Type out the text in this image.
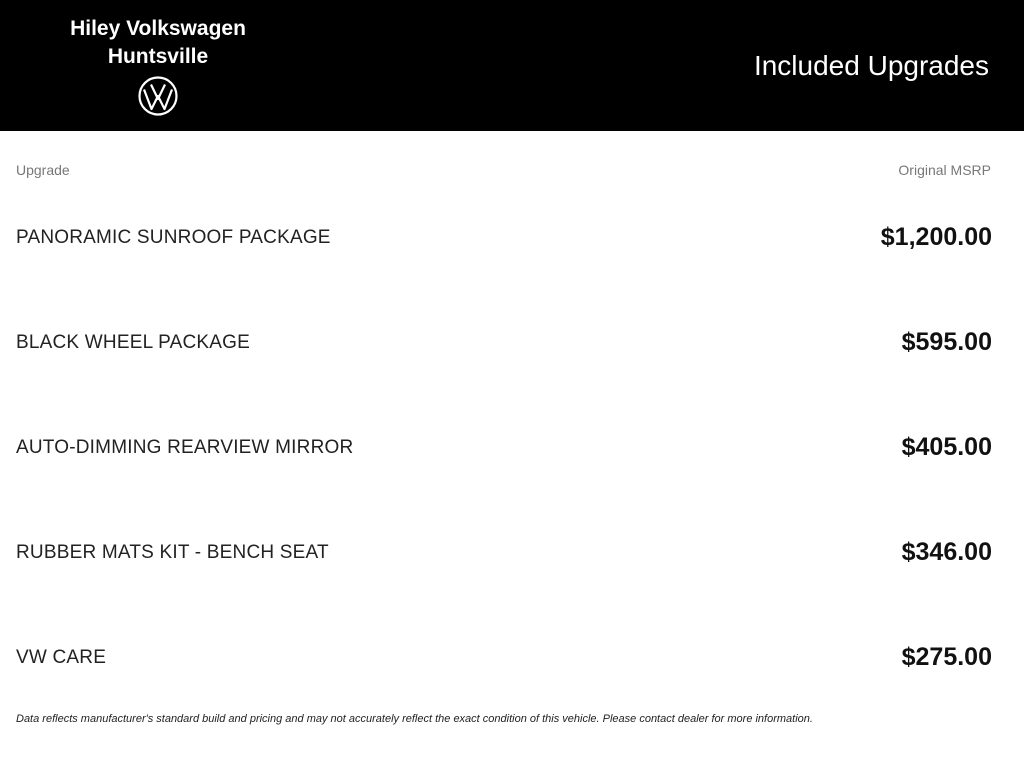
Hiley Volkswagen
Huntsville	Included Upgrades
Upgrade	Original MSRP
PANORAMIC SUNROOF PACKAGE	$1,200.00
BLACK WHEEL PACKAGE	$595.00
AUTO-DIMMING REARVIEW MIRROR	$405.00
RUBBER MATS KIT - BENCH SEAT	$346.00
VW CARE	$275.00
Data reflects manufacturer's standard build and pricing and may not accurately reflect the exact condition of this vehicle. Please contact dealer for more information.
